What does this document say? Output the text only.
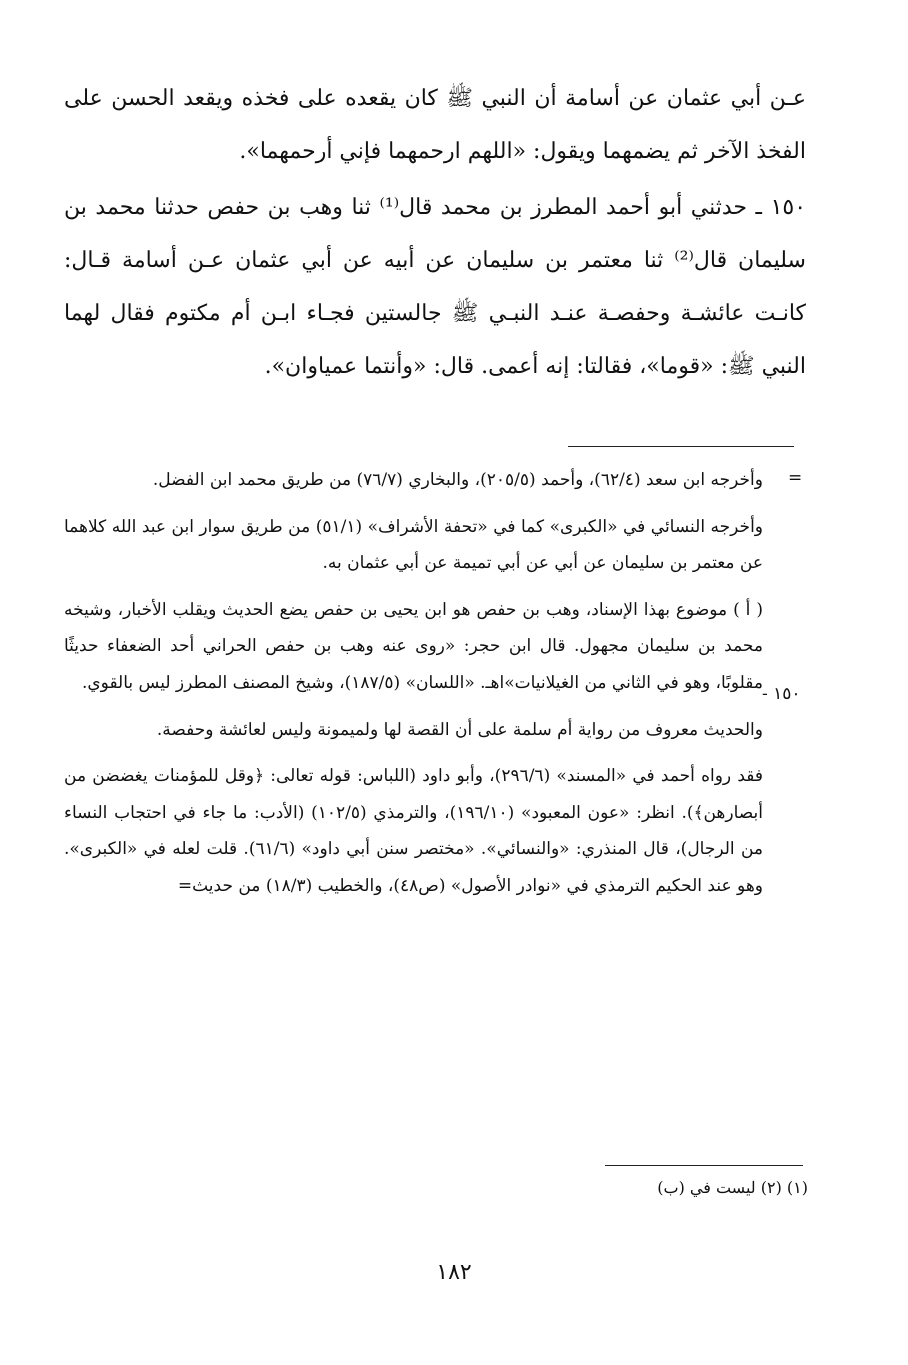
عـن أبي عثمان عن أسامة أن النبي ﷺ كان يقعده على فخذه ويقعد الحسن على الفخذ الآخر ثم يضمهما ويقول: «اللهم ارحمهما فإني أرحمهما».

١٥٠ ـ حدثني أبو أحمد المطرز بن محمد قال⁽¹⁾ ثنا وهب بن حفص حدثنا محمد بن سليمان قال⁽²⁾ ثنا معتمر بن سليمان عن أبيه عن أبي عثمان عـن أسامة قـال: كانـت عائشـة وحفصـة عنـد النبـي ﷺ جالستين فجـاء ابـن أم مكتوم فقال لهما النبي ﷺ: «قوما»، فقالتا: إنه أعمى. قال: «وأنتما عمياوان».

=
١٥٠ -

وأخرجه ابن سعد (٦٢/٤)، وأحمد (٢٠٥/٥)، والبخاري (٧٦/٧) من طريق محمد ابن الفضل.

وأخرجه النسائي في «الكبرى» كما في «تحفة الأشراف» (٥١/١) من طريق سوار ابن عبد الله كلاهما عن معتمر بن سليمان عن أبي عن أبي تميمة عن أبي عثمان به.

( أ ) موضوع بهذا الإسناد، وهب بن حفص هو ابن يحيى بن حفص يضع الحديث ويقلب الأخبار، وشيخه محمد بن سليمان مجهول. قال ابن حجر: «روى عنه وهب بن حفص الحراني أحد الضعفاء حديثًا مقلوبًا، وهو في الثاني من الغيلانيات»اهـ. «اللسان» (١٨٧/٥)، وشيخ المصنف المطرز ليس بالقوي.

والحديث معروف من رواية أم سلمة على أن القصة لها ولميمونة وليس لعائشة وحفصة.

فقد رواه أحمد في «المسند» (٢٩٦/٦)، وأبو داود (اللباس: قوله تعالى: ﴿وقل للمؤمنات يغضضن من أبصارهن﴾). انظر: «عون المعبود» (١٩٦/١٠)، والترمذي (١٠٢/٥) (الأدب: ما جاء في احتجاب النساء من الرجال)، قال المنذري: «والنسائي». «مختصر سنن أبي داود» (٦١/٦). قلت لعله في «الكبرى». وهو عند الحكيم الترمذي في «نوادر الأصول» (ص٤٨)، والخطيب (١٨/٣) من حديث=

(١) (٢) ليست في (ب)
١٨٢
